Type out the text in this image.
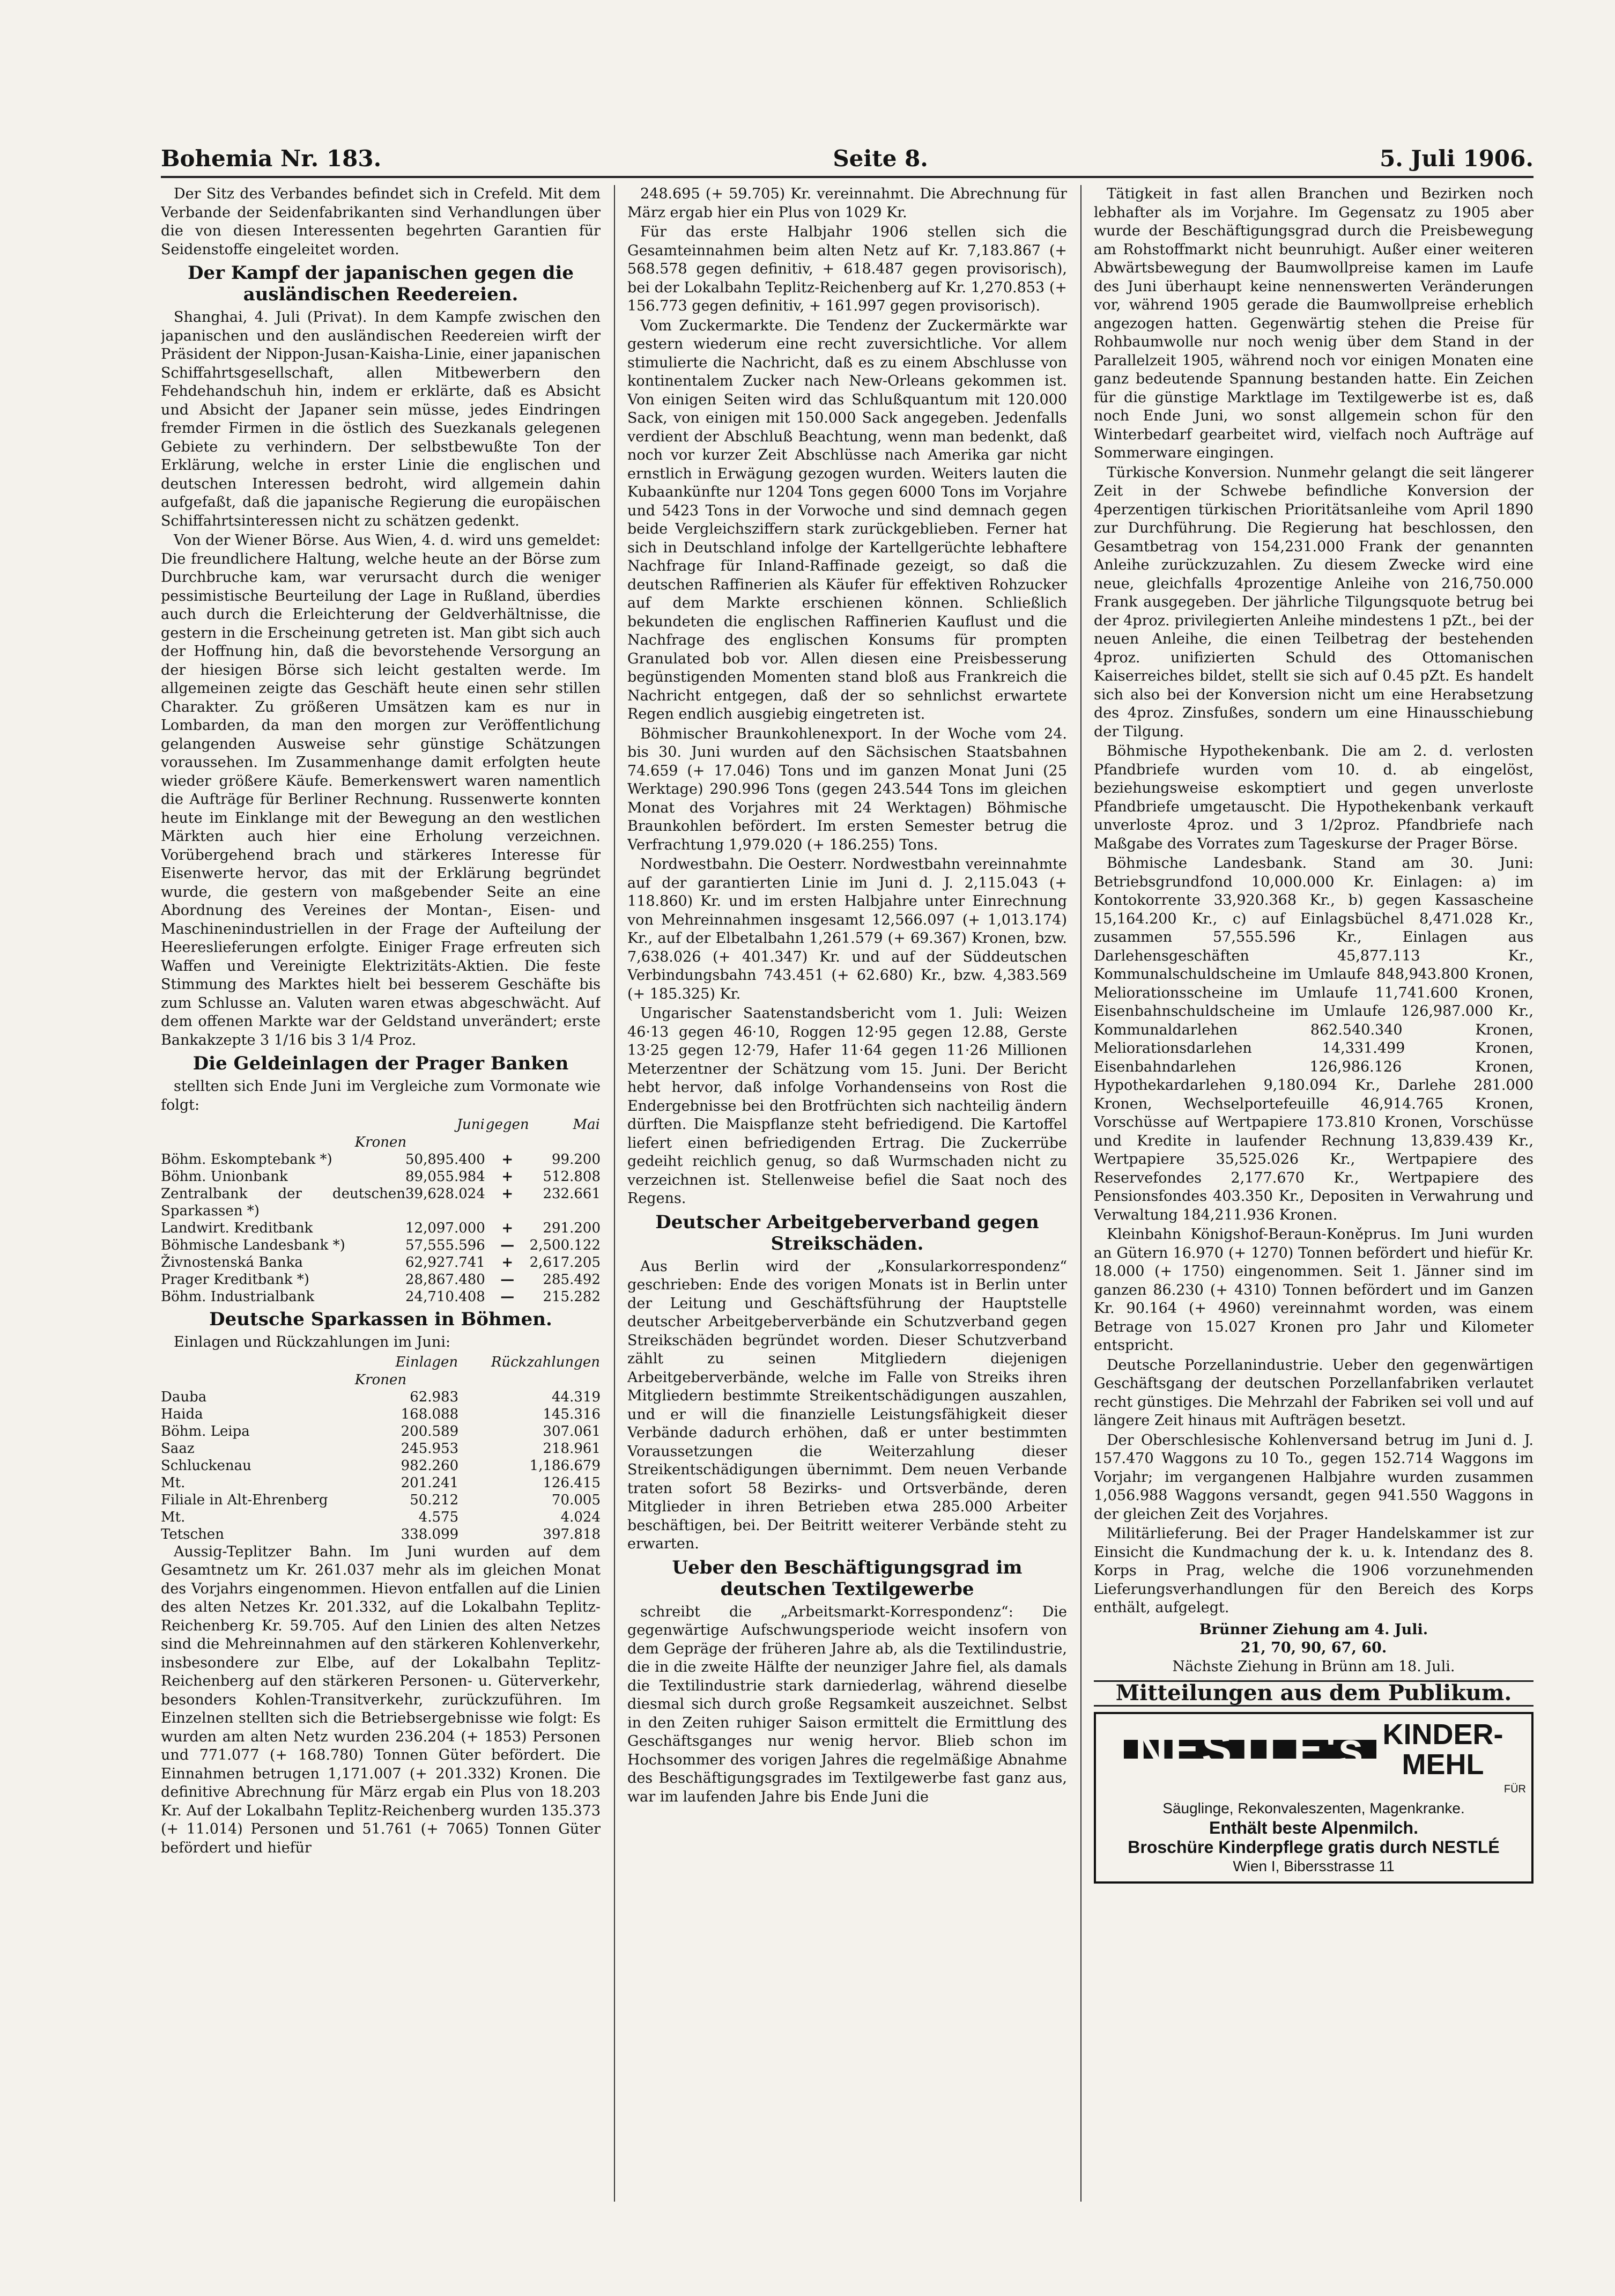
Bohemia Nr. 183.	Seite 8.	5. Juli 1906.

Der Sitz des Verbandes befindet sich in Crefeld. Mit dem Verbande der Seidenfabrikanten sind Verhandlungen über die von diesen Interessenten begehrten Garantien für Seidenstoffe eingeleitet worden.

Der Kampf der japanischen gegen die ausländischen Reedereien.

Shanghai, 4. Juli (Privat). In dem Kampfe zwischen den japanischen und den ausländischen Reedereien wirft der Präsident der Nippon-Jusan-Kaisha-Linie, einer japanischen Schiffahrtsgesellschaft, allen Mitbewerbern den Fehdehandschuh hin, indem er erklärte, daß es Absicht und Absicht der Japaner sein müsse, jedes Eindringen fremder Firmen in die östlich des Suezkanals gelegenen Gebiete zu verhindern. Der selbstbewußte Ton der Erklärung, welche in erster Linie die englischen und deutschen Interessen bedroht, wird allgemein dahin aufgefaßt, daß die japanische Regierung die europäischen Schiffahrtsinteressen nicht zu schätzen gedenkt.

Von der Wiener Börse. Aus Wien, 4. d. wird uns gemeldet: Die freundlichere Haltung, welche heute an der Börse zum Durchbruche kam, war verursacht durch die weniger pessimistische Beurteilung der Lage in Rußland, überdies auch durch die Erleichterung der Geldverhältnisse, die gestern in die Erscheinung getreten ist. Man gibt sich auch der Hoffnung hin, daß die bevorstehende Versorgung an der hiesigen Börse sich leicht gestalten werde. Im allgemeinen zeigte das Geschäft heute einen sehr stillen Charakter. Zu größeren Umsätzen kam es nur in Lombarden, da man den morgen zur Veröffentlichung gelangenden Ausweise sehr günstige Schätzungen voraussehen. Im Zusammenhange damit erfolgten heute wieder größere Käufe. Bemerkenswert waren namentlich die Aufträge für Berliner Rechnung. Russenwerte konnten heute im Einklange mit der Bewegung an den westlichen Märkten auch hier eine Erholung verzeichnen. Vorübergehend brach und stärkeres Interesse für Eisenwerte hervor, das mit der Erklärung begründet wurde, die gestern von maßgebender Seite an eine Abordnung des Vereines der Montan-, Eisen- und Maschinenindustriellen in der Frage der Aufteilung der Heereslieferungen erfolgte. Einiger Frage erfreuten sich Waffen und Vereinigte Elektrizitäts-Aktien. Die feste Stimmung des Marktes hielt bei besserem Geschäfte bis zum Schlusse an. Valuten waren etwas abgeschwächt. Auf dem offenen Markte war der Geldstand unverändert; erste Bankakzepte 3 1/16 bis 3 1/4 Proz.

Die Geldeinlagen der Prager Banken

stellten sich Ende Juni im Vergleiche zum Vormonate wie folgt:

	Juni	gegen	Mai
Kronen			
Böhm. Eskomptebank *)	50,895.400	+	99.200
Böhm. Unionbank	89,055.984	+	512.808
Zentralbank der deutschen Sparkassen *)	39,628.024	+	232.661
Landwirt. Kreditbank	12,097.000	+	291.200
Böhmische Landesbank *)	57,555.596	—	2,500.122
Živnostenská Banka	62,927.741	+	2,617.205
Prager Kreditbank *)	28,867.480	—	285.492
Böhm. Industrialbank	24,710.408	—	215.282
Deutsche Sparkassen in Böhmen.

Einlagen und Rückzahlungen im Juni:

	Einlagen	Rückzahlungen
Kronen		
Dauba	62.983	44.319
Haida	168.088	145.316
Böhm. Leipa	200.589	307.061
Saaz	245.953	218.961
Schluckenau	982.260	1,186.679
Mt.	201.241	126.415
Filiale in Alt-Ehrenberg	50.212	70.005
Mt.	4.575	4.024
Tetschen	338.099	397.818

Aussig-Teplitzer Bahn. Im Juni wurden auf dem Gesamtnetz um Kr. 261.037 mehr als im gleichen Monat des Vorjahrs eingenommen. Hievon entfallen auf die Linien des alten Netzes Kr. 201.332, auf die Lokalbahn Teplitz-Reichenberg Kr. 59.705. Auf den Linien des alten Netzes sind die Mehreinnahmen auf den stärkeren Kohlenverkehr, insbesondere zur Elbe, auf der Lokalbahn Teplitz-Reichenberg auf den stärkeren Personen- u. Güterverkehr, besonders Kohlen-Transitverkehr, zurückzuführen. Im Einzelnen stellten sich die Betriebsergebnisse wie folgt: Es wurden am alten Netz wurden 236.204 (+ 1853) Personen und 771.077 (+ 168.780) Tonnen Güter befördert. Die Einnahmen betrugen 1,171.007 (+ 201.332) Kronen. Die definitive Abrechnung für März ergab ein Plus von 18.203 Kr. Auf der Lokalbahn Teplitz-Reichenberg wurden 135.373 (+ 11.014) Personen und 51.761 (+ 7065) Tonnen Güter befördert und hiefür

248.695 (+ 59.705) Kr. vereinnahmt. Die Abrechnung für März ergab hier ein Plus von 1029 Kr.

Für das erste Halbjahr 1906 stellen sich die Gesamteinnahmen beim alten Netz auf Kr. 7,183.867 (+ 568.578 gegen definitiv, + 618.487 gegen provisorisch), bei der Lokalbahn Teplitz-Reichenberg auf Kr. 1,270.853 (+ 156.773 gegen definitiv, + 161.997 gegen provisorisch).

Vom Zuckermarkte. Die Tendenz der Zuckermärkte war gestern wiederum eine recht zuversichtliche. Vor allem stimulierte die Nachricht, daß es zu einem Abschlusse von kontinentalem Zucker nach New-Orleans gekommen ist. Von einigen Seiten wird das Schlußquantum mit 120.000 Sack, von einigen mit 150.000 Sack angegeben. Jedenfalls verdient der Abschluß Beachtung, wenn man bedenkt, daß noch vor kurzer Zeit Abschlüsse nach Amerika gar nicht ernstlich in Erwägung gezogen wurden. Weiters lauten die Kubaankünfte nur 1204 Tons gegen 6000 Tons im Vorjahre und 5423 Tons in der Vorwoche und sind demnach gegen beide Vergleichsziffern stark zurückgeblieben. Ferner hat sich in Deutschland infolge der Kartellgerüchte lebhaftere Nachfrage für Inland-Raffinade gezeigt, so daß die deutschen Raffinerien als Käufer für effektiven Rohzucker auf dem Markte erschienen können. Schließlich bekundeten die englischen Raffinerien Kauflust und die Nachfrage des englischen Konsums für prompten Granulated bob vor. Allen diesen eine Preisbesserung begünstigenden Momenten stand bloß aus Frankreich die Nachricht entgegen, daß der so sehnlichst erwartete Regen endlich ausgiebig eingetreten ist.

Böhmischer Braunkohlenexport. In der Woche vom 24. bis 30. Juni wurden auf den Sächsischen Staatsbahnen 74.659 (+ 17.046) Tons und im ganzen Monat Juni (25 Werktage) 290.996 Tons (gegen 243.544 Tons im gleichen Monat des Vorjahres mit 24 Werktagen) Böhmische Braunkohlen befördert. Im ersten Semester betrug die Verfrachtung 1,979.020 (+ 186.255) Tons.

Nordwestbahn. Die Oesterr. Nordwestbahn vereinnahmte auf der garantierten Linie im Juni d. J. 2,115.043 (+ 118.860) Kr. und im ersten Halbjahre unter Einrechnung von Mehreinnahmen insgesamt 12,566.097 (+ 1,013.174) Kr., auf der Elbetalbahn 1,261.579 (+ 69.367) Kronen, bzw. 7,638.026 (+ 401.347) Kr. und auf der Süddeutschen Verbindungsbahn 743.451 (+ 62.680) Kr., bzw. 4,383.569 (+ 185.325) Kr.

Ungarischer Saatenstandsbericht vom 1. Juli: Weizen 46·13 gegen 46·10, Roggen 12·95 gegen 12.88, Gerste 13·25 gegen 12·79, Hafer 11·64 gegen 11·26 Millionen Meterzentner der Schätzung vom 15. Juni. Der Bericht hebt hervor, daß infolge Vorhandenseins von Rost die Endergebnisse bei den Brotfrüchten sich nachteilig ändern dürften. Die Maispflanze steht befriedigend. Die Kartoffel liefert einen befriedigenden Ertrag. Die Zuckerrübe gedeiht reichlich genug, so daß Wurmschaden nicht zu verzeichnen ist. Stellenweise befiel die Saat noch des Regens.

Deutscher Arbeitgeberverband gegen Streikschäden.

Aus Berlin wird der „Konsularkorrespondenz“ geschrieben: Ende des vorigen Monats ist in Berlin unter der Leitung und Geschäftsführung der Hauptstelle deutscher Arbeitgeberverbände ein Schutzverband gegen Streikschäden begründet worden. Dieser Schutzverband zählt zu seinen Mitgliedern diejenigen Arbeitgeberverbände, welche im Falle von Streiks ihren Mitgliedern bestimmte Streikentschädigungen auszahlen, und er will die finanzielle Leistungsfähigkeit dieser Verbände dadurch erhöhen, daß er unter bestimmten Voraussetzungen die Weiterzahlung dieser Streikentschädigungen übernimmt. Dem neuen Verbande traten sofort 58 Bezirks- und Ortsverbände, deren Mitglieder in ihren Betrieben etwa 285.000 Arbeiter beschäftigen, bei. Der Beitritt weiterer Verbände steht zu erwarten.

Ueber den Beschäftigungsgrad im deutschen Textilgewerbe

schreibt die „Arbeitsmarkt-Korrespondenz“: Die gegenwärtige Aufschwungsperiode weicht insofern von dem Gepräge der früheren Jahre ab, als die Textilindustrie, die in die zweite Hälfte der neunziger Jahre fiel, als damals die Textilindustrie stark darniederlag, während dieselbe diesmal sich durch große Regsamkeit auszeichnet. Selbst in den Zeiten ruhiger Saison ermittelt die Ermittlung des Geschäftsganges nur wenig hervor. Blieb schon im Hochsommer des vorigen Jahres die regelmäßige Abnahme des Beschäftigungsgrades im Textilgewerbe fast ganz aus, war im laufenden Jahre bis Ende Juni die

Tätigkeit in fast allen Branchen und Bezirken noch lebhafter als im Vorjahre. Im Gegensatz zu 1905 aber wurde der Beschäftigungsgrad durch die Preisbewegung am Rohstoffmarkt nicht beunruhigt. Außer einer weiteren Abwärtsbewegung der Baumwollpreise kamen im Laufe des Juni überhaupt keine nennenswerten Veränderungen vor, während 1905 gerade die Baumwollpreise erheblich angezogen hatten. Gegenwärtig stehen die Preise für Rohbaumwolle nur noch wenig über dem Stand in der Parallelzeit 1905, während noch vor einigen Monaten eine ganz bedeutende Spannung bestanden hatte. Ein Zeichen für die günstige Marktlage im Textilgewerbe ist es, daß noch Ende Juni, wo sonst allgemein schon für den Winterbedarf gearbeitet wird, vielfach noch Aufträge auf Sommerware eingingen.

Türkische Konversion. Nunmehr gelangt die seit längerer Zeit in der Schwebe befindliche Konversion der 4perzentigen türkischen Prioritätsanleihe vom April 1890 zur Durchführung. Die Regierung hat beschlossen, den Gesamtbetrag von 154,231.000 Frank der genannten Anleihe zurückzuzahlen. Zu diesem Zwecke wird eine neue, gleichfalls 4prozentige Anleihe von 216,750.000 Frank ausgegeben. Der jährliche Tilgungsquote betrug bei der 4proz. privilegierten Anleihe mindestens 1 pZt., bei der neuen Anleihe, die einen Teilbetrag der bestehenden 4proz. unifizierten Schuld des Ottomanischen Kaiserreiches bildet, stellt sie sich auf 0.45 pZt. Es handelt sich also bei der Konversion nicht um eine Herabsetzung des 4proz. Zinsfußes, sondern um eine Hinausschiebung der Tilgung.

Böhmische Hypothekenbank. Die am 2. d. verlosten Pfandbriefe wurden vom 10. d. ab eingelöst, beziehungsweise eskomptiert und gegen unverloste Pfandbriefe umgetauscht. Die Hypothekenbank verkauft unverloste 4proz. und 3 1/2proz. Pfandbriefe nach Maßgabe des Vorrates zum Tageskurse der Prager Börse.

Böhmische Landesbank. Stand am 30. Juni: Betriebsgrundfond 10,000.000 Kr. Einlagen: a) im Kontokorrente 33,920.368 Kr., b) gegen Kassascheine 15,164.200 Kr., c) auf Einlagsbüchel 8,471.028 Kr., zusammen 57,555.596 Kr., Einlagen aus Darlehensgeschäften 45,877.113 Kr., Kommunalschuldscheine im Umlaufe 848,943.800 Kronen, Meliorationsscheine im Umlaufe 11,741.600 Kronen, Eisenbahnschuldscheine im Umlaufe 126,987.000 Kr., Kommunaldarlehen 862.540.340 Kronen, Meliorationsdarlehen 14,331.499 Kronen, Eisenbahndarlehen 126,986.126 Kronen, Hypothekardarlehen 9,180.094 Kr., Darlehe 281.000 Kronen, Wechselportefeuille 46,914.765 Kronen, Vorschüsse auf Wertpapiere 173.810 Kronen, Vorschüsse und Kredite in laufender Rechnung 13,839.439 Kr., Wertpapiere 35,525.026 Kr., Wertpapiere des Reservefondes 2,177.670 Kr., Wertpapiere des Pensionsfondes 403.350 Kr., Depositen in Verwahrung und Verwaltung 184,211.936 Kronen.

Kleinbahn Königshof-Beraun-Koněprus. Im Juni wurden an Gütern 16.970 (+ 1270) Tonnen befördert und hiefür Kr. 18.000 (+ 1750) eingenommen. Seit 1. Jänner sind im ganzen 86.230 (+ 4310) Tonnen befördert und im Ganzen Kr. 90.164 (+ 4960) vereinnahmt worden, was einem Betrage von 15.027 Kronen pro Jahr und Kilometer entspricht.

Deutsche Porzellanindustrie. Ueber den gegenwärtigen Geschäftsgang der deutschen Porzellanfabriken verlautet recht günstiges. Die Mehrzahl der Fabriken sei voll und auf längere Zeit hinaus mit Aufträgen besetzt.

Der Oberschlesische Kohlenversand betrug im Juni d. J. 157.470 Waggons zu 10 To., gegen 152.714 Waggons im Vorjahr; im vergangenen Halbjahre wurden zusammen 1,056.988 Waggons versandt, gegen 941.550 Waggons in der gleichen Zeit des Vorjahres.

Militärlieferung. Bei der Prager Handelskammer ist zur Einsicht die Kundmachung der k. u. k. Intendanz des 8. Korps in Prag, welche die 1906 vorzunehmenden Lieferungsverhandlungen für den Bereich des Korps enthält, aufgelegt.

Brünner Ziehung am 4. Juli.
21, 70, 90, 67, 60.
Nächste Ziehung in Brünn am 18. Juli.
Mitteilungen aus dem Publikum.
NESTLE's KINDER-
MEHL
FÜR
Säuglinge, Rekonvaleszenten, Magenkranke.
Enthält beste Alpenmilch.
Broschüre Kinderpflege gratis durch NESTLÉ
Wien I, Bibersstrasse 11
